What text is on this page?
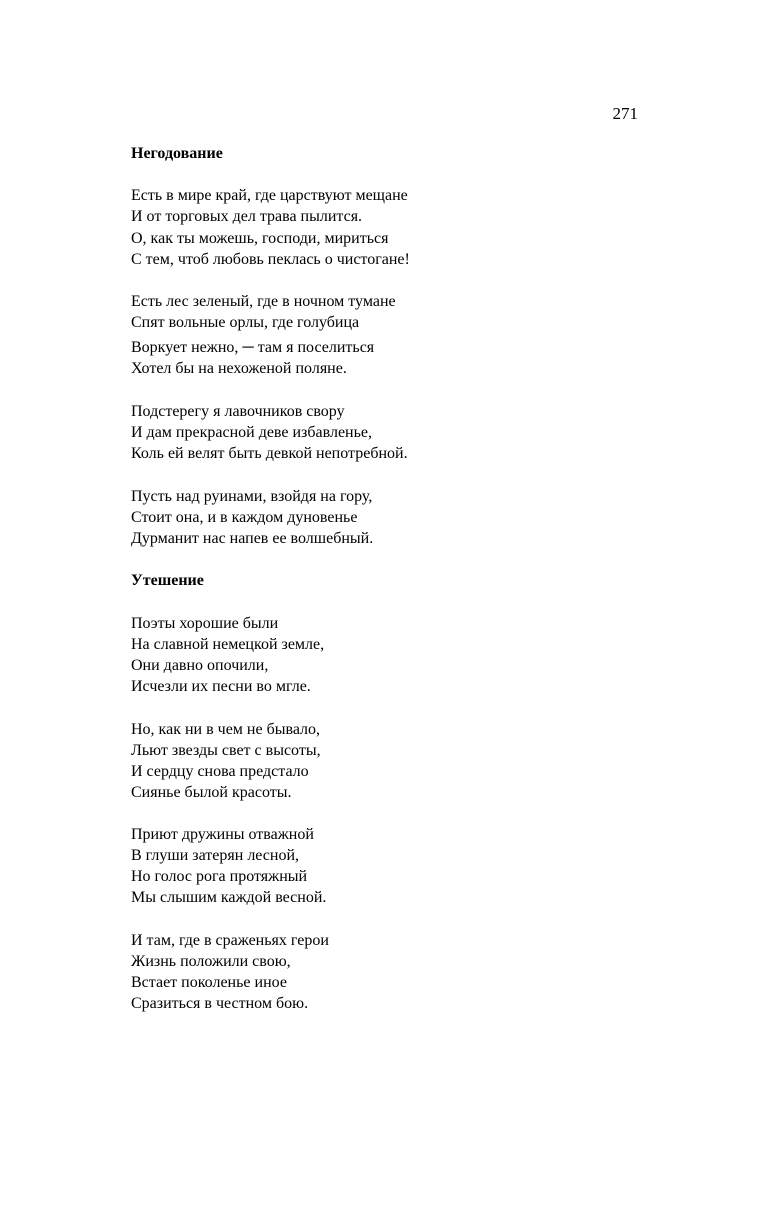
271
Негодование
Есть в мире край, где царствуют мещане
И от торговых дел трава пылится.
О, как ты можешь, господи, мириться
С тем, чтоб любовь пеклась о чистогане!
Есть лес зеленый, где в ночном тумане
Спят вольные орлы, где голубица
Воркует нежно, ─ там я поселиться
Хотел бы на нехоженой поляне.
Подстерегу я лавочников свору
И дам прекрасной деве избавленье,
Коль ей велят быть девкой непотребной.
Пусть над руинами, взойдя на гору,
Стоит она, и в каждом дуновенье
Дурманит нас напев ее волшебный.
Утешение
Поэты хорошие были
На славной немецкой земле,
Они давно опочили,
Исчезли их песни во мгле.
Но, как ни в чем не бывало,
Льют звезды свет с высоты,
И сердцу снова предстало
Сиянье былой красоты.
Приют дружины отважной
В глуши затерян лесной,
Но голос рога протяжный
Мы слышим каждой весной.
И там, где в сраженьях герои
Жизнь положили свою,
Встает поколенье иное
Сразиться в честном бою.
